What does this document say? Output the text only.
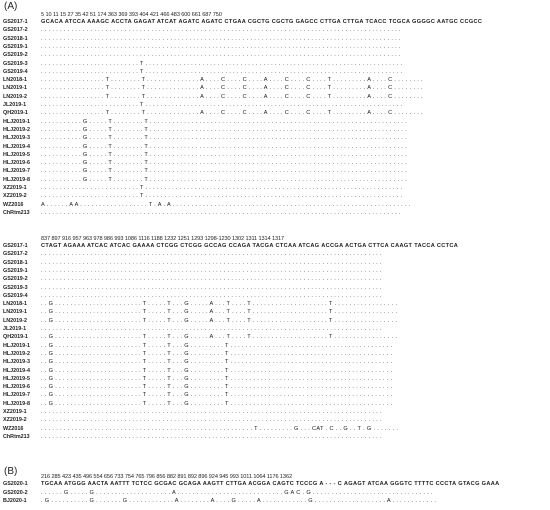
(A)
5 10 11 15 27 35 42 51 174 363 369 393 404 421 466 483 600 661 687 750
GS2017-1	GCACA ATCCA AAAGC ACCTA GAGAT ATCAT AGATC AGATC CTGAA CGCTG CGCTG GAGCC CTTGA CTTGA TCACC TCGCA GGGGC AATGC CCGCC
GS2017-2	. . . . . . . . . . . . . . . . . . . . . . . . . . . . . . . . . . . . . . . . . . . . . . . . . . . . . . . . . . . . . . . . . . . . . . . . . . . . . . . . . . . . . . . . . . . . . . .
GS2018-1	. . . . . . . . . . . . . . . . . . . . . . . . . . . . . . . . . . . . . . . . . . . . . . . . . . . . . . . . . . . . . . . . . . . . . . . . . . . . . . . . . . . . . . . . . . . . . . .
GS2019-1	. . . . . . . . . . . . . . . . . . . . . . . . . . . . . . . . . . . . . . . . . . . . . . . . . . . . . . . . . . . . . . . . . . . . . . . . . . . . . . . . . . . . . . . . . . . . . . .
GS2019-2	. . . . . . . . . . . . . . . . . . . . . . . . . . . . . . . . . . . . . . . . . . . . . . . . . . . . . . . . . . . . . . . . . . . . . . . . . . . . . . . . . . . . . . . . . . . . . . .
GS2019-3	. . . . . . . . . . . . . . . . . . . . . . . . . . T . . . . . . . . . . . . . . . . . . . . . . . . . . . . . . . . . . . . . . . . . . . . . . . . . . . . . . . . . . . . . . . . . . . .
GS2019-4	. . . . . . . . . . . . . . . . . . . . . . . . . . T . . . . . . . . . . . . . . . . . . . . . . . . . . . . . . . . . . . . . . . . . . . . . . . . . . . . . . . . . . . . . . . . . . . .
LN2018-1	. . . . . . . . . . . . . . . . . T . . . . . . . . T . . . . . . . . . . . . . . A . . . . C . . . . C . . . . A . . . . C . . . . C . . . . T . . . . . . . . . A . . . . C . . . . . . . .
LN2019-1	. . . . . . . . . . . . . . . . . T . . . . . . . . T . . . . . . . . . . . . . . A . . . . C . . . . C . . . . A . . . . C . . . . C . . . . T . . . . . . . . . A . . . . C . . . . . . . .
LN2019-2	. . . . . . . . . . . . . . . . . T . . . . . . . . T . . . . . . . . . . . . . . A . . . . C . . . . C . . . . A . . . . C . . . . C . . . . T . . . . . . . . . A . . . . C . . . . . . . .
JL2019-1	. . . . . . . . . . . . . . . . . . . . . . . . . . T . . . . . . . . . . . . . . . . . . . . . . . . . . . . . . . . . . . . . . . . . . . . . . . . . . . . . . . . . . . . . . . . . . . .
QH2019-1	. . . . . . . . . . . . . . . . . T . . . . . . . . T . . . . . . . . . . . . . . A . . . . C . . . . C . . . . A . . . . C . . . . C . . . . T . . . . . . . . . A . . . . C . . . . . . . .
HLJ2019-1	. . . . . . . . . . . G . . . . . T . . . . . . . . T . . . . . . . . . . . . . . . . . . . . . . . . . . . . . . . . . . . . . . . . . . . . . . . . . . . . . . . . . . . . . . . . . . . .
HLJ2019-2	. . . . . . . . . . . G . . . . . T . . . . . . . . T . . . . . . . . . . . . . . . . . . . . . . . . . . . . . . . . . . . . . . . . . . . . . . . . . . . . . . . . . . . . . . . . . . . .
HLJ2019-3	. . . . . . . . . . . G . . . . . T . . . . . . . . T . . . . . . . . . . . . . . . . . . . . . . . . . . . . . . . . . . . . . . . . . . . . . . . . . . . . . . . . . . . . . . . . . . . .
HLJ2019-4	. . . . . . . . . . . G . . . . . T . . . . . . . . T . . . . . . . . . . . . . . . . . . . . . . . . . . . . . . . . . . . . . . . . . . . . . . . . . . . . . . . . . . . . . . . . . . . .
HLJ2019-5	. . . . . . . . . . . G . . . . . T . . . . . . . . T . . . . . . . . . . . . . . . . . . . . . . . . . . . . . . . . . . . . . . . . . . . . . . . . . . . . . . . . . . . . . . . . . . . .
HLJ2019-6	. . . . . . . . . . . G . . . . . T . . . . . . . . T . . . . . . . . . . . . . . . . . . . . . . . . . . . . . . . . . . . . . . . . . . . . . . . . . . . . . . . . . . . . . . . . . . . .
HLJ2019-7	. . . . . . . . . . . G . . . . . T . . . . . . . . T . . . . . . . . . . . . . . . . . . . . . . . . . . . . . . . . . . . . . . . . . . . . . . . . . . . . . . . . . . . . . . . . . . . .
HLJ2019-8	. . . . . . . . . . . G . . . . . T . . . . . . . . T . . . . . . . . . . . . . . . . . . . . . . . . . . . . . . . . . . . . . . . . . . . . . . . . . . . . . . . . . . . . . . . . . . . .
XZ2019-1	. . . . . . . . . . . . . . . . . . . . . . . . . . T . . . . . . . . . . . . . . . . . . . . . . . . . . . . . . . . . . . . . . . . . . . . . . . . . . . . . . . . . . . . . . . . . . . .
XZ2019-2	. . . . . . . . . . . . . . . . . . . . . . . . . . T . . . . . . . . . . . . . . . . . . . . . . . . . . . . . . . . . . . . . . . . . . . . . . . . . . . . . . . . . . . . . . . . . . . .
WZ2016	A . . . . . . A A . . . . . . . . . . . . . . . . . . T . A . A . . . . . . . . . . . . . . . . . . . . . . . . . . . . . . . . . . . . . . . . . . . . . . . . . . . . . . . . . . . . . . .
ChRtm213	. . . . . . . . . . . . . . . . . . . . . . . . . . . . . . . . . . . . . . . . . . . . . . . . . . . . . . . . . . . . . . . . . . . . . . . . . . . . . . . . . . . . . . . . . . . . . . .
837 897 916 957 963 978 986 993 1086 1116 1188 1232 1251 1293 1298-1230 1302 1311 1314 1317
GS2017-1	CTAGT AGAAA ATCAC ATCAC GAAAA CTCGG CTCGG GCCAG CCAGA TACGA CTCAA ATCAG ACCGA ACTGA CTTCA CAAGT TACCA CCTCA
GS2017-2	. . . . . . . . . . . . . . . . . . . . . . . . . . . . . . . . . . . . . . . . . . . . . . . . . . . . . . . . . . . . . . . . . . . . . . . . . . . . . . . . . . . . . . . . . .
GS2018-1	. . . . . . . . . . . . . . . . . . . . . . . . . . . . . . . . . . . . . . . . . . . . . . . . . . . . . . . . . . . . . . . . . . . . . . . . . . . . . . . . . . . . . . . . . .
GS2019-1	. . . . . . . . . . . . . . . . . . . . . . . . . . . . . . . . . . . . . . . . . . . . . . . . . . . . . . . . . . . . . . . . . . . . . . . . . . . . . . . . . . . . . . . . . .
GS2019-2	. . . . . . . . . . . . . . . . . . . . . . . . . . . . . . . . . . . . . . . . . . . . . . . . . . . . . . . . . . . . . . . . . . . . . . . . . . . . . . . . . . . . . . . . . .
GS2019-3	. . . . . . . . . . . . . . . . . . . . . . . . . . . . . . . . . . . . . . . . . . . . . . . . . . . . . . . . . . . . . . . . . . . . . . . . . . . . . . . . . . . . . . . . . .
GS2019-4	. . . . . . . . . . . . . . . . . . . . . . . . . . . . . . . . . . . . . . . . . . . . . . . . . . . . . . . . . . . . . . . . . . . . . . . . . . . . . . . . . . . . . . . . . .
LN2018-1	. . G . . . . . . . . . . . . . . . . . . . . . . . T . . . . . T . . . G . . . . . A . . . T . . . . T . . . . . . . . . . . . . . . . . . . . T . . . . . . . . . . . . . . . . .
LN2019-1	. . G . . . . . . . . . . . . . . . . . . . . . . . T . . . . . T . . . G . . . . . A . . . T . . . . T . . . . . . . . . . . . . . . . . . . . T . . . . . . . . . . . . . . . . .
LN2019-2	. . G . . . . . . . . . . . . . . . . . . . . . . . T . . . . . T . . . G . . . . . A . . . T . . . . T . . . . . . . . . . . . . . . . . . . . T . . . . . . . . . . . . . . . . .
JL2019-1	. . . . . . . . . . . . . . . . . . . . . . . . . . . . . . . . . . . . . . . . . . . . . . . . . . . . . . . . . . . . . . . . . . . . . . . . . . . . . . . . . . . . . . . . . .
QH2019-1	. . G . . . . . . . . . . . . . . . . . . . . . . . T . . . . . T . . . G . . . . . A . . . T . . . . T . . . . . . . . . . . . . . . . . . . . T . . . . . . . . . . . . . . . . .
HLJ2019-1	. . G . . . . . . . . . . . . . . . . . . . . . . . T . . . . . T . . . G . . . . . . . . . T . . . . . . . . . . . . . . . . . . . . . . . . . . . . . . . . . . . . . . . . . . .
HLJ2019-2	. . G . . . . . . . . . . . . . . . . . . . . . . . T . . . . . T . . . G . . . . . . . . . T . . . . . . . . . . . . . . . . . . . . . . . . . . . . . . . . . . . . . . . . . . .
HLJ2019-3	. . G . . . . . . . . . . . . . . . . . . . . . . . T . . . . . T . . . G . . . . . . . . . T . . . . . . . . . . . . . . . . . . . . . . . . . . . . . . . . . . . . . . . . . . .
HLJ2019-4	. . G . . . . . . . . . . . . . . . . . . . . . . . T . . . . . T . . . G . . . . . . . . . T . . . . . . . . . . . . . . . . . . . . . . . . . . . . . . . . . . . . . . . . . . .
HLJ2019-5	. . G . . . . . . . . . . . . . . . . . . . . . . . T . . . . . T . . . G . . . . . . . . . T . . . . . . . . . . . . . . . . . . . . . . . . . . . . . . . . . . . . . . . . . . .
HLJ2019-6	. . G . . . . . . . . . . . . . . . . . . . . . . . T . . . . . T . . . G . . . . . . . . . T . . . . . . . . . . . . . . . . . . . . . . . . . . . . . . . . . . . . . . . . . . .
HLJ2019-7	. . G . . . . . . . . . . . . . . . . . . . . . . . T . . . . . T . . . G . . . . . . . . . T . . . . . . . . . . . . . . . . . . . . . . . . . . . . . . . . . . . . . . . . . . .
HLJ2019-8	. . G . . . . . . . . . . . . . . . . . . . . . . . T . . . . . T . . . G . . . . . . . . . T . . . . . . . . . . . . . . . . . . . . . . . . . . . . . . . . . . . . . . . . . . .
XZ2019-1	. . . . . . . . . . . . . . . . . . . . . . . . . . . . . . . . . . . . . . . . . . . . . . . . . . . . . . . . . . . . . . . . . . . . . . . . . . . . . . . . . . . . . . . . . .
XZ2019-2	. . . . . . . . . . . . . . . . . . . . . . . . . . . . . . . . . . . . . . . . . . . . . . . . . . . . . . . . . . . . . . . . . . . . . . . . . . . . . . . . . . . . . . . . . .
WZ2016	. . . . . . . . . . . . . . . . . . . . . . . . . . . . . . . . . . . . . . . . . . . . . . . . . . . . . . . . T . . . . . . . . . G . . . CAT . C . . G . . T . G . . . . . . .
ChRtm213	. . . . . . . . . . . . . . . . . . . . . . . . . . . . . . . . . . . . . . . . . . . . . . . . . . . . . . . . . . . . . . . . . . . . . . . . . . . . . . . . . . . . . . . . . .
(B)	216 285 423 435 496 554 656 733 754 765 796 856 882 891 892 896 924 945 993 1011 1064 1176 1362
GS2020-1	TGCAA ATGGG AACTA AATTT TCTCC GCGAC GCAGA AAGTT CTTGA ACGGA CAGTC TCCCG A - - - C AGAGT ATCAA GGGTC TTTTC CCCTA GTACG GAAA
GS2020-2	. . . . . . G . . . . . G . . . . . . . . . . . . . . . . . . . . A . . . . . . . . . . . . . . . . . . . . . . . . . . . . G A C . G . . . . . . . . . . . . . . . . . . . . . . . . . . . . . . . .
BJ2020-1	. G . . . . . . . . . . G . . . . . . . G . . . . . . . . . . . . A . . . . . . . . A . . . . G . . . . . A . . . . . . . . . . . . G . . . . . . . . . . . . . . . . . . . A . . . . . . . . . . . .
